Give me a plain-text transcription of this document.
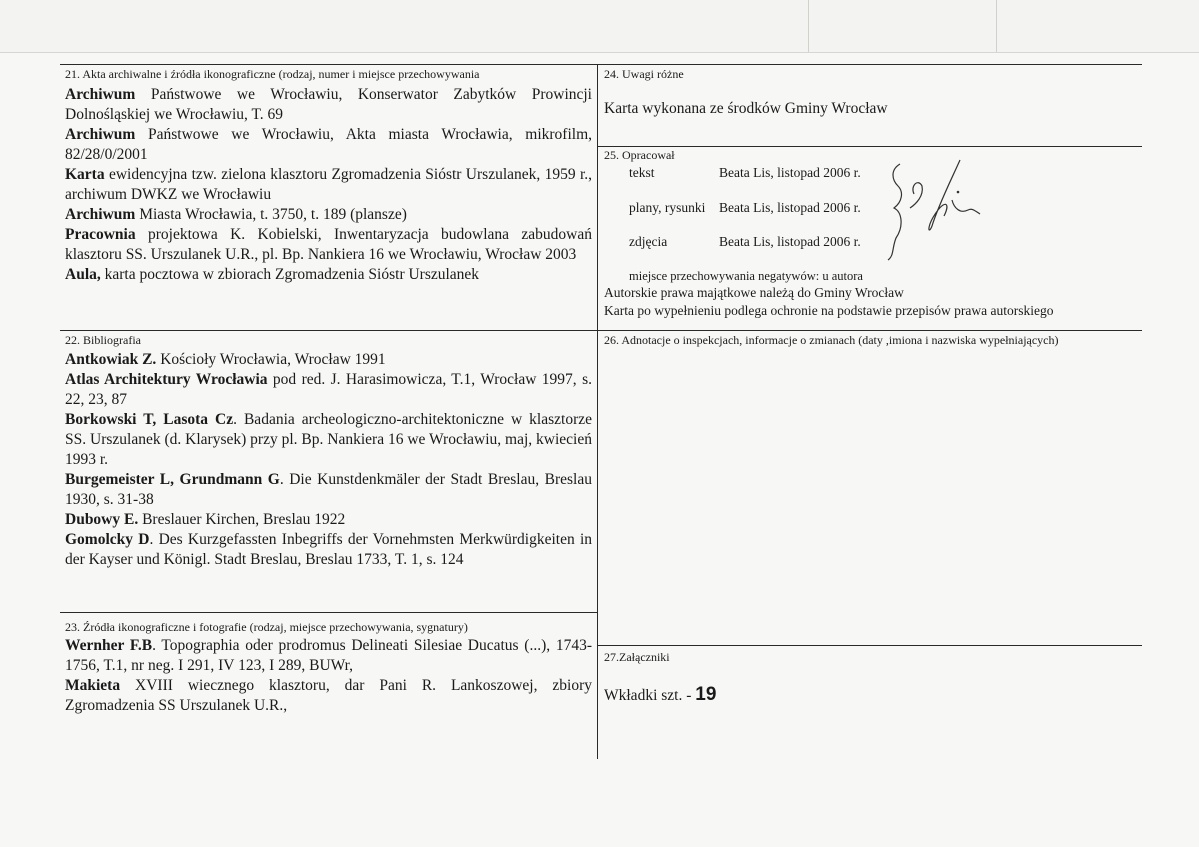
21. Akta archiwalne i źródła ikonograficzne (rodzaj, numer i miejsce przechowywania

Archiwum Państwowe we Wrocławiu, Konserwator Zabytków Prowincji Dolnośląskiej we Wrocławiu, T. 69

Archiwum Państwowe we Wrocławiu, Akta miasta Wrocławia, mikrofilm, 82/28/0/2001

Karta ewidencyjna tzw. zielona klasztoru Zgromadzenia Sióstr Urszulanek, 1959 r., archiwum DWKZ we Wrocławiu

Archiwum Miasta Wrocławia, t. 3750, t. 189 (plansze)

Pracownia projektowa K. Kobielski, Inwentaryzacja budowlana zabudowań klasztoru SS. Urszulanek U.R., pl. Bp. Nankiera 16 we Wrocławiu, Wrocław 2003

Aula, karta pocztowa w zbiorach Zgromadzenia Sióstr Urszulanek

24. Uwagi różne
Karta wykonana ze środków Gminy Wrocław
25. Opracował
tekst	Beata Lis, listopad 2006 r.
plany, rysunki Beata Lis, listopad 2006 r.
zdjęcia	Beata Lis, listopad 2006 r.
miejsce przechowywania negatywów: u autora
Autorskie prawa majątkowe należą do Gminy Wrocław
Karta po wypełnieniu podlega ochronie na podstawie przepisów prawa autorskiego
22. Bibliografia

Antkowiak Z. Kościoły Wrocławia, Wrocław 1991

Atlas Architektury Wrocławia pod red. J. Harasimowicza, T.1, Wrocław 1997, s. 22, 23, 87

Borkowski T, Lasota Cz. Badania archeologiczno-architektoniczne w klasztorze SS. Urszulanek (d. Klarysek) przy pl. Bp. Nankiera 16 we Wrocławiu, maj, kwiecień 1993 r.

Burgemeister L, Grundmann G. Die Kunstdenkmäler der Stadt Breslau, Breslau 1930, s. 31-38

Dubowy E. Breslauer Kirchen, Breslau 1922

Gomolcky D. Des Kurzgefassten Inbegriffs der Vornehmsten Merkwürdigkeiten in der Kayser und Königl. Stadt Breslau, Breslau 1733, T. 1, s. 124

26. Adnotacje o inspekcjach, informacje o zmianach (daty ,imiona i nazwiska wypełniających)
23. Źródła ikonograficzne i fotografie (rodzaj, miejsce przechowywania, sygnatury)

Wernher F.B. Topographia oder prodromus Delineati Silesiae Ducatus (...), 1743-1756, T.1, nr neg. I 291, IV 123, I 289, BUWr,

Makieta XVIII wiecznego klasztoru, dar Pani R. Lankoszowej, zbiory Zgromadzenia SS Urszulanek U.R.,

27.Załączniki
Wkładki szt. - 19
